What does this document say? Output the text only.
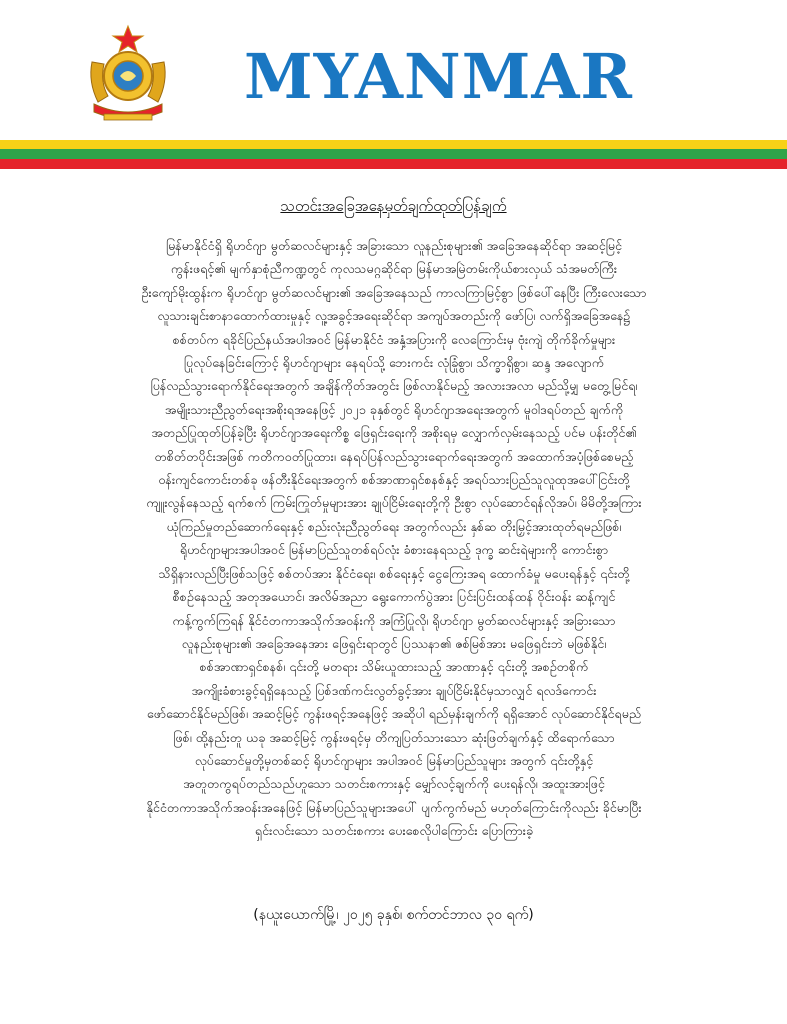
MYANMAR
သတင်းအခြေအနေမှတ်ချက်ထုတ်ပြန်ချက်
မြန်မာနိုင်ငံရှိ ရိုဟင်ဂျာ မွတ်ဆလင်များနှင့် အခြားသော လူနည်းစုများ၏ အခြေအနေဆိုင်ရာ အဆင့်မြင့်
ကွန်းဖရင့်၏ မျက်နှာစုံညီကဏ္ဍတွင် ကုလသမဂ္ဂဆိုင်ရာ မြန်မာအမြဲတမ်းကိုယ်စားလှယ် သံအမတ်ကြီး
ဦးကျော်မိုးထွန်းက ရိုဟင်ဂျာ မွတ်ဆလင်များ၏ အခြေအနေသည် ကာလကြာမြင့်စွာ ဖြစ်ပေါ်နေပြီး ကြီးလေးသော
လူသားချင်းစာနာထောက်ထားမှုနှင့် လူ့အခွင့်အရေးဆိုင်ရာ အကျပ်အတည်းကို ဖော်ပြ၊ လက်ရှိအခြေအနေ၌
စစ်တပ်က ရခိုင်ပြည်နယ်အပါအဝင် မြန်မာနိုင်ငံ အနှံ့အပြားကို လေကြောင်းမှ ဗုံးကျဲ တိုက်ခိုက်မှုများ
ပြုလုပ်နေခြင်းကြောင့် ရိုဟင်ဂျာများ နေရပ်သို့ ဘေးကင်း လုံခြုံစွာ၊ သိက္ခာရှိစွာ၊ ဆန္ဒ အလျောက်
ပြန်လည်သွားရောက်နိုင်ရေးအတွက် အချိန်ကိုတ်အတွင်း ဖြစ်လာနိုင်မည့် အလားအလာ မည်သို့မျှ မတွေ့မြင်ရ၊
အမျိုးသားညီညွတ်ရေးအစိုးရအနေဖြင့် ၂၀၂၁ ခုနှစ်တွင် ရိုဟင်ဂျာအရေးအတွက် မူဝါဒရပ်တည် ချက်ကို
အတည်ပြုထုတ်ပြန်ခဲ့ပြီး ရိုဟင်ဂျာအရေးကိစ္စ ဖြေရှင်းရေးကို အစိုးရမှ လျှောက်လှမ်းနေသည့် ပင်မ ပန်းတိုင်၏
တစိတ်တပိုင်းအဖြစ် ကတိကဝတ်ပြုထား၊ နေရပ်ပြန်လည်သွားရောက်ရေးအတွက် အထောက်အပံ့ဖြစ်စေမည့်
ဝန်းကျင်ကောင်းတစ်ခု ဖန်တီးနိုင်ရေးအတွက် စစ်အာဏာရှင်စနစ်နှင့် အရပ်သားပြည်သူလူထုအပေါ်ငြင်းတို့
ကျူးလွန်နေသည့် ရက်စက် ကြမ်းကြုတ်မှုများအား ချုပ်ငြိမ်းရေးတို့ကို ဦးစွာ လုပ်ဆောင်ရန်လိုအပ်၊ မိမိတို့အကြား
ယုံကြည်မှုတည်ဆောက်ရေးနှင့် စည်းလုံးညီညွတ်ရေး အတွက်လည်း နှစ်ဆ တိုးမြှင့်အားထုတ်ရမည်ဖြစ်၊
ရိုဟင်ဂျာများအပါအဝင် မြန်မာပြည်သူတစ်ရပ်လုံး ခံစားနေရသည့် ဒုက္ခ ဆင်းရဲများကို ကောင်းစွာ
သိရှိနားလည်ပြီးဖြစ်သဖြင့် စစ်တပ်အား နိုင်ငံရေး၊ စစ်ရေးနှင့် ငွေကြေးအရ ထောက်ခံမှု မပေးရန်နှင့် ၎င်းတို့
စီစဉ်နေသည့် အတုအယောင်၊ အလိမ်အညာ ရွေးကောက်ပွဲအား ပြင်းပြင်းထန်ထန် ဝိုင်းဝန်း ဆန့်ကျင်
ကန့်ကွက်ကြရန် နိုင်ငံတကာအသိုက်အဝန်းကို အကြံပြုလို၊ ရိုဟင်ဂျာ မွတ်ဆလင်များနှင့် အခြားသော
လူနည်းစုများ၏ အခြေအနေအား ဖြေရှင်းရာတွင် ပြဿနာ၏ ဇစ်မြစ်အား မဖြေရှင်းဘဲ မဖြစ်နိုင်၊
စစ်အာဏာရှင်စနစ်၊ ၎င်းတို့ မတရား သိမ်းယူထားသည့် အာဏာနှင့် ၎င်းတို့ အစဉ်တစိုက်
အကျိုးခံစားခွင့်ရရှိနေသည့် ပြစ်ဒဏ်ကင်းလွတ်ခွင့်အား ချုပ်ငြိမ်းနိုင်မှသာလျှင် ရလဒ်ကောင်း
ဖော်ဆောင်နိုင်မည်ဖြစ်၊ အဆင့်မြင့် ကွန်းဖရင့်အနေဖြင့် အဆိုပါ ရည်မှန်းချက်ကို ရရှိအောင် လုပ်ဆောင်နိုင်ရမည်
ဖြစ်၊ ထို့နည်းတူ ယခု အဆင့်မြင့် ကွန်းဖရင့်မှ တိကျပြတ်သားသော ဆုံးဖြတ်ချက်နှင့် ထိရောက်သော
လုပ်ဆောင်မှုတို့မှတစ်ဆင့် ရိုဟင်ဂျာများ အပါအဝင် မြန်မာပြည်သူများ အတွက် ၎င်းတို့နှင့်
အတူတကွရပ်တည်သည်ဟူသော သတင်းစကားနှင့် မျှော်လင့်ချက်ကို ပေးရန်လို၊ အထူးအားဖြင့်
နိုင်ငံတကာအသိုက်အဝန်းအနေဖြင့် မြန်မာပြည်သူများအပေါ် ပျက်ကွက်မည် မဟုတ်ကြောင်းကိုလည်း ခိုင်မာပြီး
ရှင်းလင်းသော သတင်းစကား ပေးစေလိုပါကြောင်း ပြောကြားခဲ့
(နယူးယောက်မြို့၊ ၂၀၂၅ ခုနှစ်၊ စက်တင်ဘာလ ၃၀ ရက်)
